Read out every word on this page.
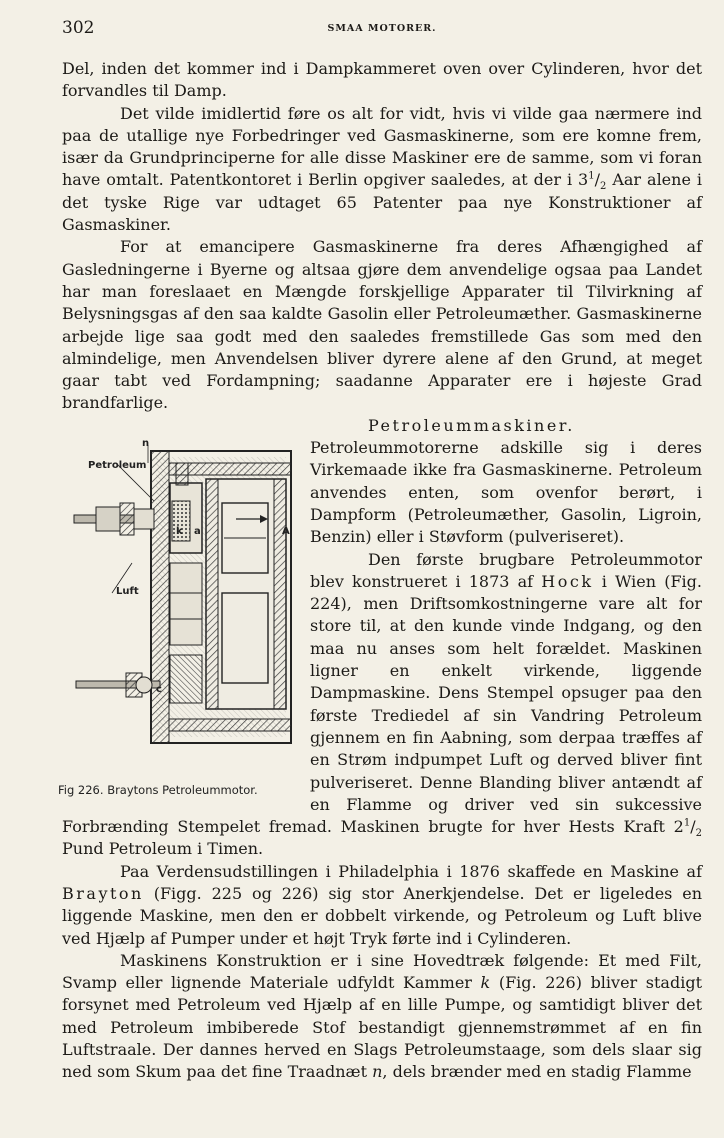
302	SMAA MOTORER.

Del, inden det kommer ind i Dampkammeret oven over Cylinderen, hvor det forvandles til Damp.

Det vilde imidlertid føre os alt for vidt, hvis vi vilde gaa nærmere ind paa de utallige nye Forbedringer ved Gasmaskinerne, som ere komne frem, især da Grundprinciperne for alle disse Maskiner ere de samme, som vi foran have omtalt. Patentkontoret i Berlin opgiver saaledes, at der i $3^1/_2$ Aar alene i det tyske Rige var udtaget 65 Patenter paa nye Konstruktioner af Gasmaskiner.

For at emancipere Gasmaskinerne fra deres Afhængighed af Gasledningerne i Byerne og altsaa gjøre dem anvendelige ogsaa paa Landet har man foreslaaet en Mængde forskjellige Apparater til Tilvirkning af Belysningsgas af den saa kaldte Gasolin eller Petroleumæther. Gasmaskinerne arbejde lige saa godt med den saaledes fremstillede Gas som med den almindelige, men Anvendelsen bliver dyrere alene af den Grund, at meget gaar tabt ved Fordampning; saadanne Apparater ere i højeste Grad brandfarlige.

Petroleum
Luft
n
k a	A
c
Fig 226. Braytons Petroleummotor.

Petroleummaskiner. Petroleummotorerne adskille sig i deres Virkemaade ikke fra Gasmaskinerne. Petroleum anvendes enten, som ovenfor berørt, i Dampform (Petroleumæther, Gasolin, Ligroin, Benzin) eller i Støvform (pulveriseret).

Den første brugbare Petroleummotor blev konstrueret i 1873 af Hock i Wien (Fig. 224), men Driftsomkostningerne vare alt for store til, at den kunde vinde Indgang, og den maa nu anses som helt forældet. Maskinen ligner en enkelt virkende, liggende Dampmaskine. Dens Stempel opsuger paa den første Trediedel af sin Vandring Petroleum gjennem en fin Aabning, som derpaa træffes af en Strøm indpumpet Luft og derved bliver fint pulveriseret. Denne Blanding bliver antændt af en Flamme og driver ved sin sukcessive Forbrænding Stempelet fremad. Maskinen brugte for hver Hests Kraft $2^1/_2$ Pund Petroleum i Timen.

Paa Verdensudstillingen i Philadelphia i 1876 skaffede en Maskine af Brayton (Figg. 225 og 226) sig stor Anerkjendelse. Det er ligeledes en liggende Maskine, men den er dobbelt virkende, og Petroleum og Luft blive ved Hjælp af Pumper under et højt Tryk førte ind i Cylinderen.

Maskinens Konstruktion er i sine Hovedtræk følgende: Et med Filt, Svamp eller lignende Materiale udfyldt Kammer k (Fig. 226) bliver stadigt forsynet med Petroleum ved Hjælp af en lille Pumpe, og samtidigt bliver det med Petroleum imbiberede Stof bestandigt gjennemstrømmet af en fin Luftstraale. Der dannes herved en Slags Petroleumstaage, som dels slaar sig ned som Skum paa det fine Traadnæt n, dels brænder med en stadig Flamme
